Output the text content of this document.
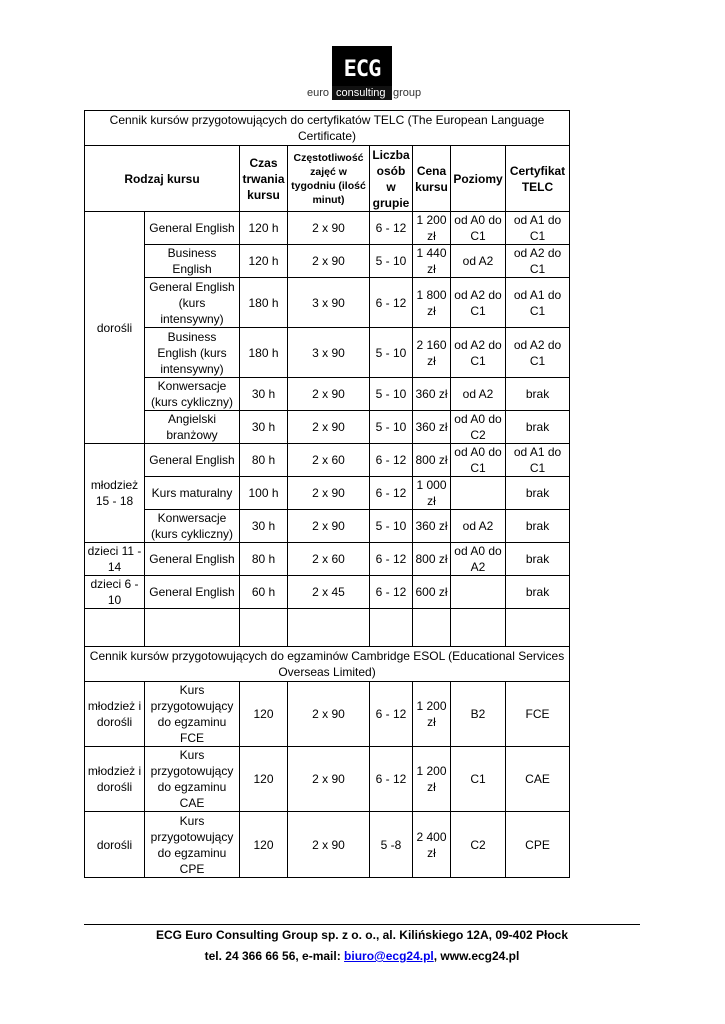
ECG
euro consulting group
Cennik kursów przygotowujących do certyfikatów TELC (The European Language Certificate)							
Rodzaj kursu		Czas trwania kursu	Częstotliwość zajęć w tygodniu (ilość minut)	Liczba osób w grupie	Cena kursu	Poziomy	Certyfikat TELC
dorośli	General English	120 h	2 x 90	6 - 12	1 200 zł	od A0 do C1	od A1 do C1
	Business English	120 h	2 x 90	5 - 10	1 440 zł	od A2	od A2 do C1
	General English (kurs intensywny)	180 h	3 x 90	6 - 12	1 800 zł	od A2 do C1	od A1 do C1
	Business English (kurs intensywny)	180 h	3 x 90	5 - 10	2 160 zł	od A2 do C1	od A2 do C1
	Konwersacje (kurs cykliczny)	30 h	2 x 90	5 - 10	360 zł	od A2	brak
	Angielski branżowy	30 h	2 x 90	5 - 10	360 zł	od A0 do C2	brak
młodzież 15 - 18	General English	80 h	2 x 60	6 - 12	800 zł	od A0 do C1	od A1 do C1
	Kurs maturalny	100 h	2 x 90	6 - 12	1 000 zł		brak
	Konwersacje (kurs cykliczny)	30 h	2 x 90	5 - 10	360 zł	od A2	brak
dzieci 11 - 14	General English	80 h	2 x 60	6 - 12	800 zł	od A0 do A2	brak
dzieci 6 - 10	General English	60 h	2 x 45	6 - 12	600 zł		brak

Cennik kursów przygotowujących do egzaminów Cambridge ESOL (Educational Services Overseas Limited)							
młodzież i dorośli	Kurs przygotowujący do egzaminu FCE	120	2 x 90	6 - 12	1 200 zł	B2	FCE
młodzież i dorośli	Kurs przygotowujący do egzaminu CAE	120	2 x 90	6 - 12	1 200 zł	C1	CAE
dorośli	Kurs przygotowujący do egzaminu CPE	120	2 x 90	5 -8	2 400 zł	C2	CPE
ECG Euro Consulting Group sp. z o. o., al. Kilińskiego 12A, 09-402 Płock
tel. 24 366 66 56, e-mail: biuro@ecg24.pl, www.ecg24.pl
